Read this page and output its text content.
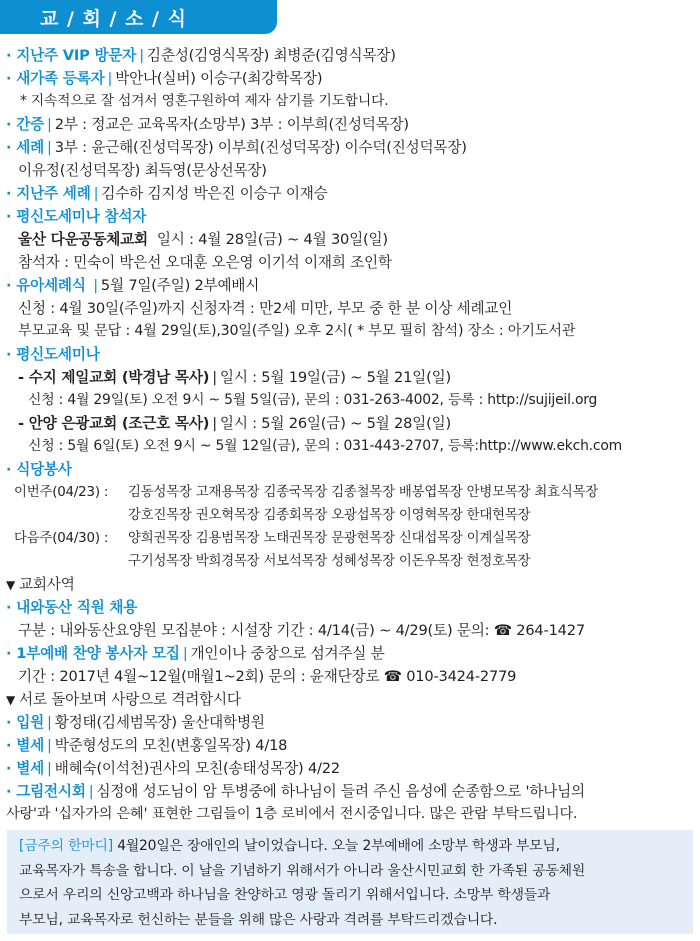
교 / 회 / 소 / 식
· 지난주 VIP 방문자 | 김춘성(김영식목장) 최병준(김영식목장)
· 새가족 등록자 | 박안나(실버) 이승구(최강학목장)
* 지속적으로 잘 섬겨서 영혼구원하여 제자 삼기를 기도합니다.
· 간증 | 2부 : 정교은 교육목자(소망부) 3부 : 이부희(진성덕목장)
· 세례 | 3부 : 윤근해(진성덕목장) 이부희(진성덕목장) 이수덕(진성덕목장)
이유정(진성덕목장) 최득영(문상선목장)
· 지난주 세례 | 김수하 김지성 박은진 이승구 이재승
· 평신도세미나 참석자
울산 다운공동체교회 일시 : 4월 28일(금) ~ 4월 30일(일)
참석자 : 민숙이 박은선 오대훈 오은영 이기석 이재희 조인학
· 유아세례식 | 5월 7일(주일) 2부예배시
신청 : 4월 30일(주일)까지 신청자격 : 만2세 미만, 부모 중 한 분 이상 세례교인
부모교육 및 문답 : 4월 29일(토),30일(주일) 오후 2시( * 부모 필히 참석) 장소 : 아기도서관
· 평신도세미나
- 수지 제일교회 (박경남 목사) | 일시 : 5월 19일(금) ~ 5월 21일(일)
신청 : 4월 29일(토) 오전 9시 ~ 5월 5일(금), 문의 : 031-263-4002, 등록 : http://sujijeil.org
- 안양 은광교회 (조근호 목사) | 일시 : 5월 26일(금) ~ 5월 28일(일)
신청 : 5월 6일(토) 오전 9시 ~ 5월 12일(금), 문의 : 031-443-2707, 등록:http://www.ekch.com
· 식당봉사
이번주(04/23) : 김동성목장 고재용목장 김종국목장 김종철목장 배봉엽목장 안병모목장 최효식목장
강호진목장 권오혁목장 김종회목장 오광섭목장 이영혁목장 한대현목장
다음주(04/30) : 양희권목장 김용범목장 노태권목장 문광현목장 신대섭목장 이계실목장
구기성목장 박희경목장 서보석목장 성혜성목장 이돈우목장 현정호목장
▼ 교회사역
· 내와동산 직원 채용
구분 : 내와동산요양원 모집분야 : 시설장 기간 : 4/14(금) ~ 4/29(토) 문의: ☎ 264-1427
· 1부예배 찬양 봉사자 모집 | 개인이나 중창으로 섬겨주실 분
기간 : 2017년 4월~12월(매월1~2회) 문의 : 윤재단장로 ☎ 010-3424-2779
▼ 서로 돌아보며 사랑으로 격려합시다
· 입원 | 황정태(김세범목장) 울산대학병원
· 별세 | 박준형성도의 모친(변홍일목장) 4/18
· 별세 | 배혜숙(이석천)권사의 모친(송태성목장) 4/22
[금주의 한마디] 4월20일은 장애인의 날이었습니다. 오늘 2부예배에 소망부 학생과 부모님,
교육목자가 특송을 합니다. 이 날을 기념하기 위해서가 아니라 울산시민교회 한 가족된 공동체원
으로서 우리의 신앙고백과 하나님을 찬양하고 영광 돌리기 위해서입니다. 소망부 학생들과
부모님, 교육목자로 헌신하는 분들을 위해 많은 사랑과 격려를 부탁드리겠습니다.
· 그림전시회 | 심정애 성도님이 암 투병중에 하나님이 들려 주신 음성에 순종함으로 '하나님의
사랑'과 '십자가의 은혜' 표현한 그림들이 1층 로비에서 전시중입니다. 많은 관람 부탁드립니다.
